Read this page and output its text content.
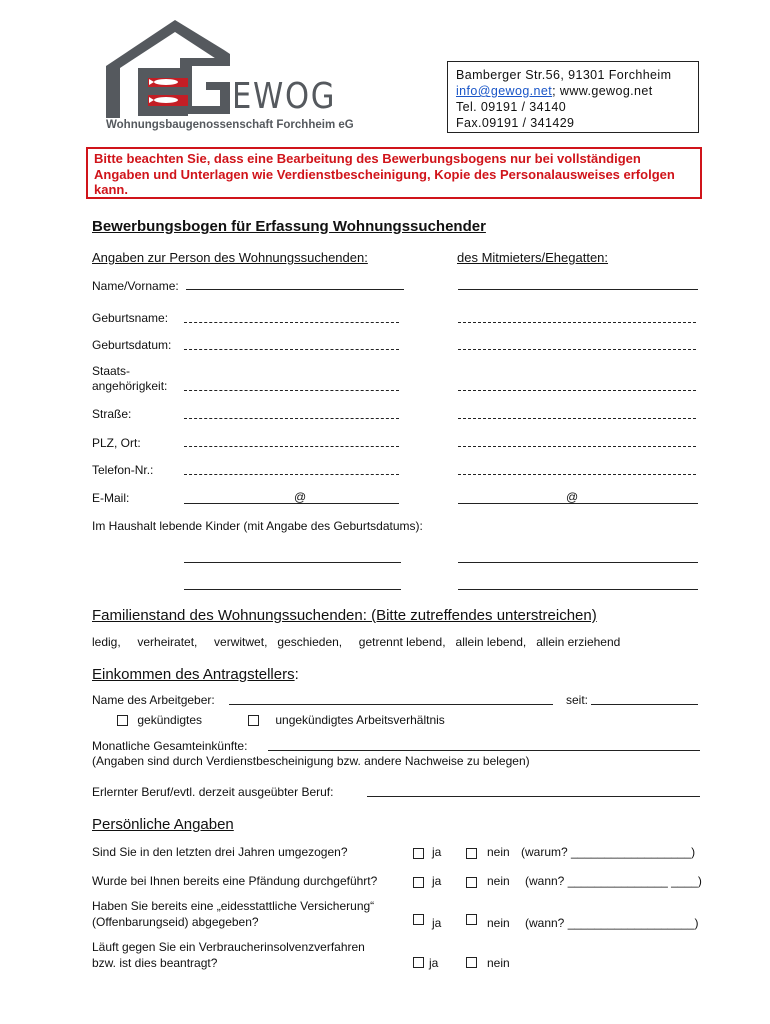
EWOG
Wohnungsbaugenossenschaft Forchheim eG
Bamberger Str.56, 91301 Forchheim
info@gewog.net; www.gewog.net
Tel. 09191 / 34140
Fax.09191 / 341429
Bitte beachten Sie, dass eine Bearbeitung des Bewerbungsbogens nur bei vollständigen Angaben und Unterlagen wie Verdienstbescheinigung, Kopie des Personalausweises erfolgen kann.
Bewerbungsbogen für Erfassung Wohnungssuchender
Angaben zur Person des Wohnungssuchenden:	des Mitmieters/Ehegatten:
Name/Vorname:
Geburtsname:
Geburtsdatum:
Staats-
angehörigkeit:
Straße:
PLZ, Ort:
Telefon-Nr.:
E-Mail:	@	@
Im Haushalt lebende Kinder (mit Angabe des Geburtsdatums):
Familienstand des Wohnungssuchenden: (Bitte zutreffendes unterstreichen)
ledig,     verheiratet,     verwitwet,   geschieden,     getrennt lebend,   allein lebend,   allein erziehend
Einkommen des Antragstellers:
Name des Arbeitgeber:	seit:
gekündigtes	ungekündigtes Arbeitsverhältnis
Monatliche Gesamteinkünfte:
(Angaben sind durch Verdienstbescheinigung bzw. andere Nachweise zu belegen)
Erlernter Beruf/evtl. derzeit ausgeübter Beruf:
Persönliche Angaben
Sind Sie in den letzten drei Jahren umgezogen?	ja	nein (warum? __________________)
Wurde bei Ihnen bereits eine Pfändung durchgeführt?	ja	nein (wann? _______________ ____)
Haben Sie bereits eine „eidesstattliche Versicherung“
(Offenbarungseid) abgegeben?	ja	nein (wann? ___________________)
Läuft gegen Sie ein Verbraucherinsolvenzverfahren
bzw. ist dies beantragt?	ja	nein
